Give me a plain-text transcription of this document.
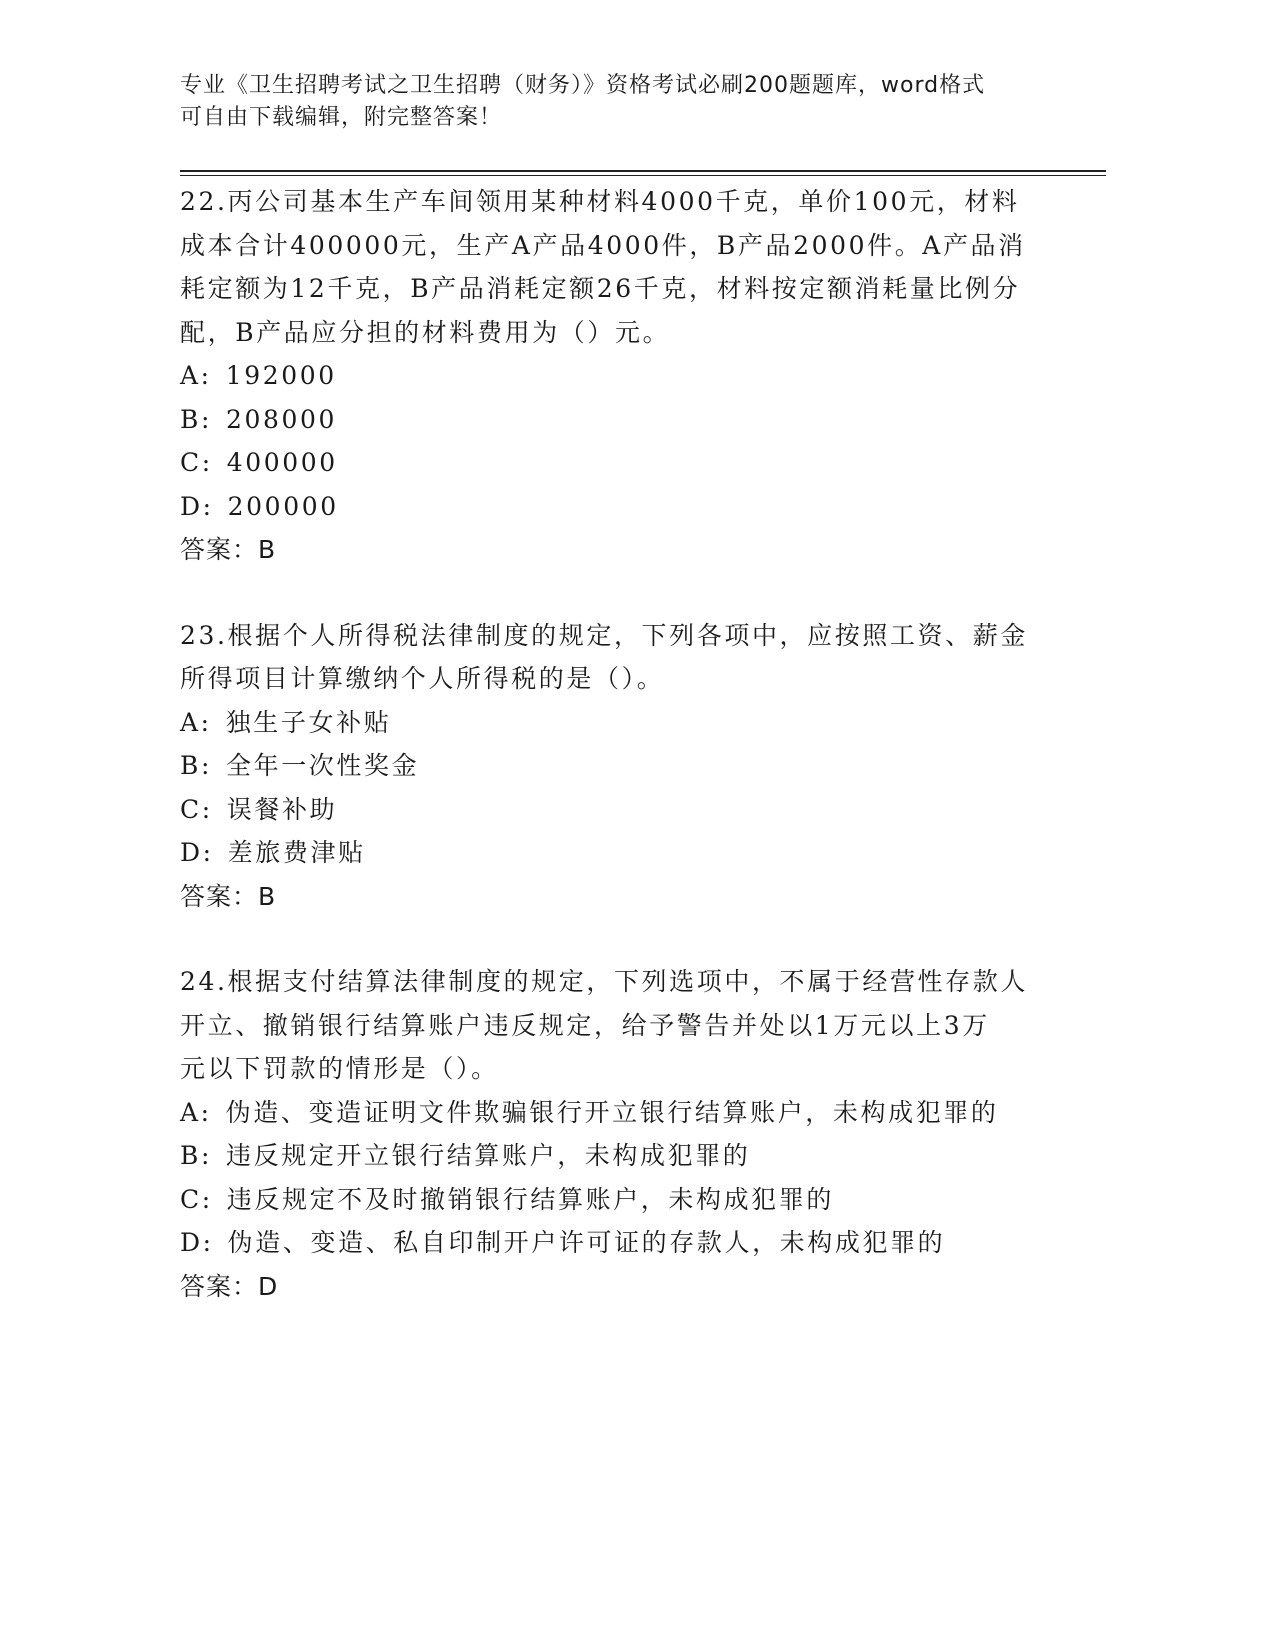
专业《卫生招聘考试之卫生招聘（财务）》资格考试必刷200题题库，word格式
可自由下载编辑，附完整答案！
22.丙公司基本生产车间领用某种材料4000千克，单价100元，材料
成本合计400000元，生产A产品4000件，B产品2000件。A产品消
耗定额为12千克，B产品消耗定额26千克，材料按定额消耗量比例分
配，B产品应分担的材料费用为（）元。
A: 192000
B: 208000
C: 400000
D: 200000
答案：B
23.根据个人所得税法律制度的规定，下列各项中，应按照工资、薪金
所得项目计算缴纳个人所得税的是（）。
A: 独生子女补贴
B: 全年一次性奖金
C: 误餐补助
D: 差旅费津贴
答案：B
24.根据支付结算法律制度的规定，下列选项中，不属于经营性存款人
开立、撤销银行结算账户违反规定，给予警告并处以1万元以上3万
元以下罚款的情形是（）。
A: 伪造、变造证明文件欺骗银行开立银行结算账户，未构成犯罪的
B: 违反规定开立银行结算账户，未构成犯罪的
C: 违反规定不及时撤销银行结算账户，未构成犯罪的
D: 伪造、变造、私自印制开户许可证的存款人，未构成犯罪的
答案：D
